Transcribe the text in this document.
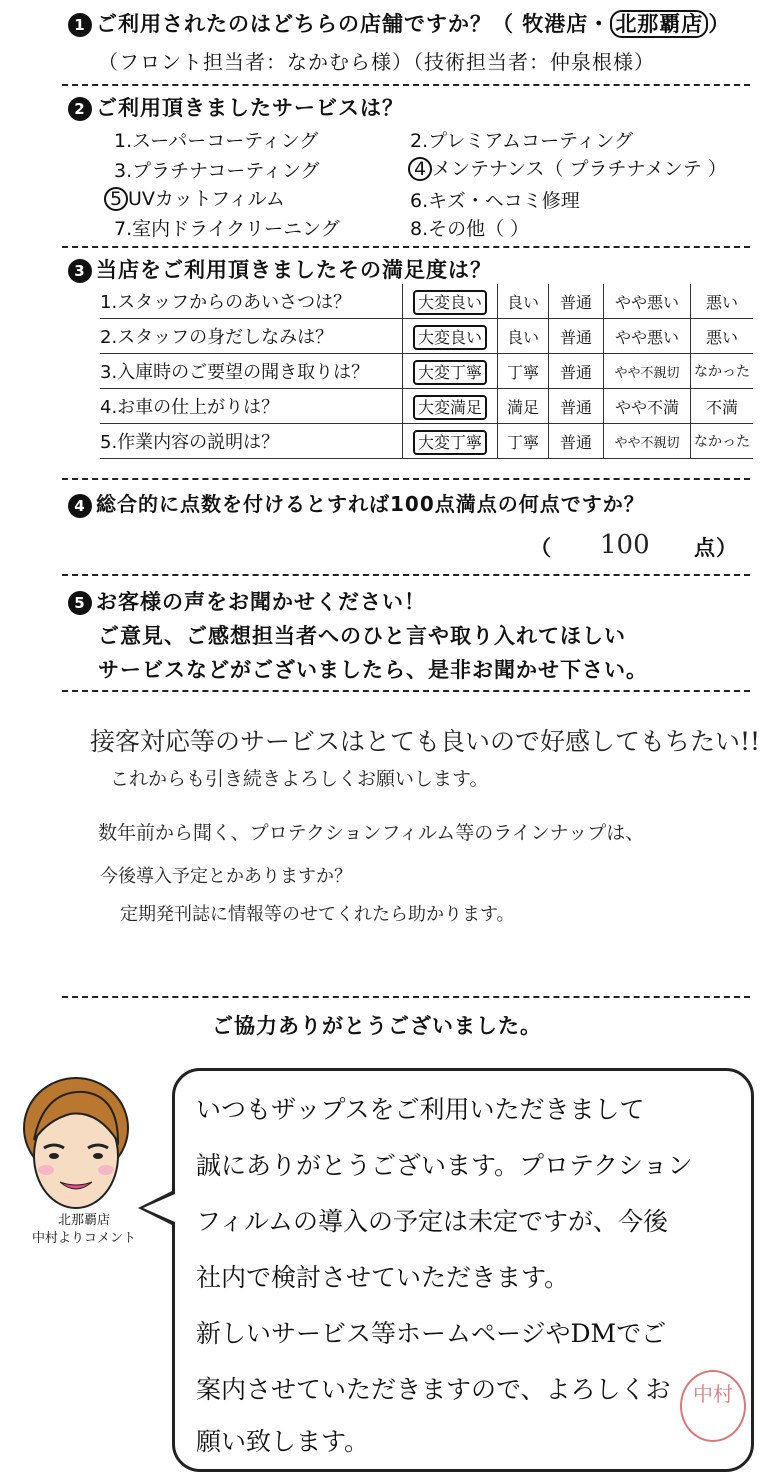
1 ご利用されたのはどちらの店舗ですか？（ 牧港店・ 北那覇店 ）
（フロント担当者：なかむら様）（技術担当者：仲泉根様）
2 ご利用頂きましたサービスは？
1.スーパーコーティング	2.プレミアムコーティング
3.プラチナコーティング	4 メンテナンス（ プラチナメンテ ）
5 UVカットフィルム	6.キズ・ヘコミ修理
7.室内ドライクリーニング	8.その他（ ）
3 当店をご利用頂きましたその満足度は？
1.スタッフからのあいさつは？	大変良い	良い	普通	やや悪い	悪い
2.スタッフの身だしなみは？	大変良い	良い	普通	やや悪い	悪い
3.入庫時のご要望の聞き取りは？	大変丁寧	丁寧	普通	やや不親切	なかった
4.お車の仕上がりは？	大変満足	満足	普通	やや不満	不満
5.作業内容の説明は？	大変丁寧	丁寧	普通	やや不親切	なかった
4 総合的に点数を付けるとすれば100点満点の何点ですか？
（ 100 点）
5 お客様の声をお聞かせください！
ご意見、ご感想担当者へのひと言や取り入れてほしい
サービスなどがございましたら、是非お聞かせ下さい。
接客対応等のサービスはとても良いので好感してもちたい!!
これからも引き続きよろしくお願いします。
数年前から聞く、プロテクションフィルム等のラインナップは、
今後導入予定とかありますか？
定期発刊誌に情報等のせてくれたら助かります。
ご協力ありがとうございました。
北那覇店
中村よりコメント
いつもザップスをご利用いただきまして
誠にありがとうございます。プロテクション
フィルムの導入の予定は未定ですが、今後
社内で検討させていただきます。
新しいサービス等ホームページやDMでご
案内させていただきますので、よろしくお
願い致します。
中村
